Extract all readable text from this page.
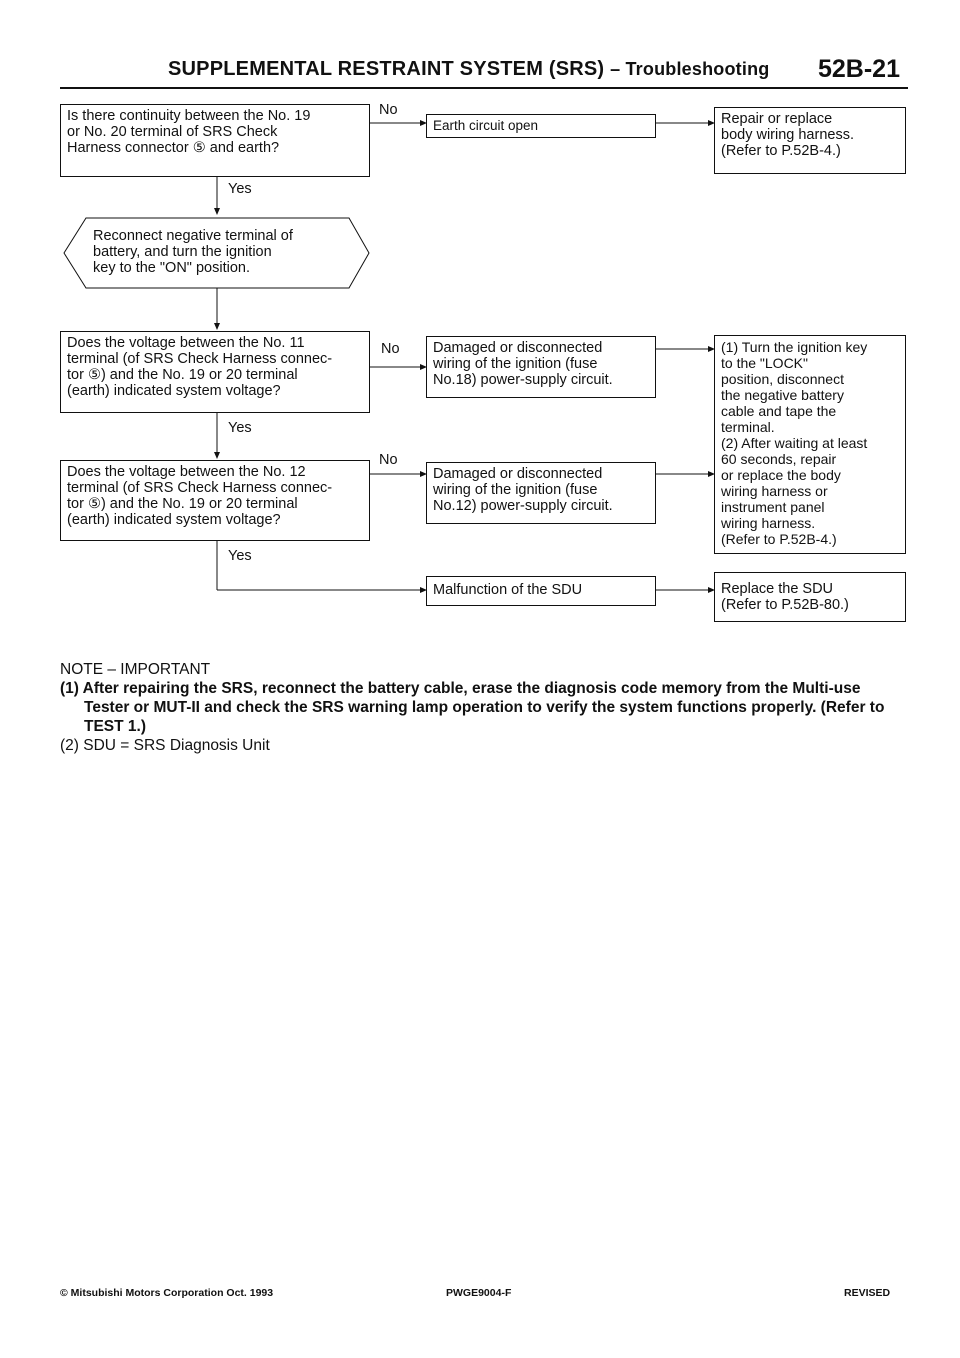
SUPPLEMENTAL RESTRAINT SYSTEM (SRS) – Troubleshooting 52B-21
Is there continuity between the No. 19
or No. 20 terminal of SRS Check
Harness connector ⑤ and earth?
No
Earth circuit open	Repair or replace
body wiring harness.
(Refer to P.52B-4.)
Yes
Reconnect negative terminal of
battery, and turn the ignition
key to the "ON" position.
Does the voltage between the No. 11
terminal (of SRS Check Harness connec-
tor ⑤) and the No. 19 or 20 terminal
(earth) indicated system voltage?
No	Damaged or disconnected
wiring of the ignition (fuse
No.18) power-supply circuit.
Yes
No
Does the voltage between the No. 12
terminal (of SRS Check Harness connec-
tor ⑤) and the No. 19 or 20 terminal
(earth) indicated system voltage?
Damaged or disconnected
wiring of the ignition (fuse
No.12) power-supply circuit.
Yes
(1) Turn the ignition key
to the "LOCK"
position, disconnect
the negative battery
cable and tape the
terminal.
(2) After waiting at least
60 seconds, repair
or replace the body
wiring harness or
instrument panel
wiring harness.
(Refer to P.52B-4.)
Malfunction of the SDU	Replace the SDU
(Refer to P.52B-80.)
NOTE – IMPORTANT
(1) After repairing the SRS, reconnect the battery cable, erase the diagnosis code memory from the Multi-use Tester or MUT-II and check the SRS warning lamp operation to verify the system functions properly. (Refer to TEST 1.)
(2) SDU = SRS Diagnosis Unit
© Mitsubishi Motors Corporation Oct. 1993	PWGE9004-F	REVISED
